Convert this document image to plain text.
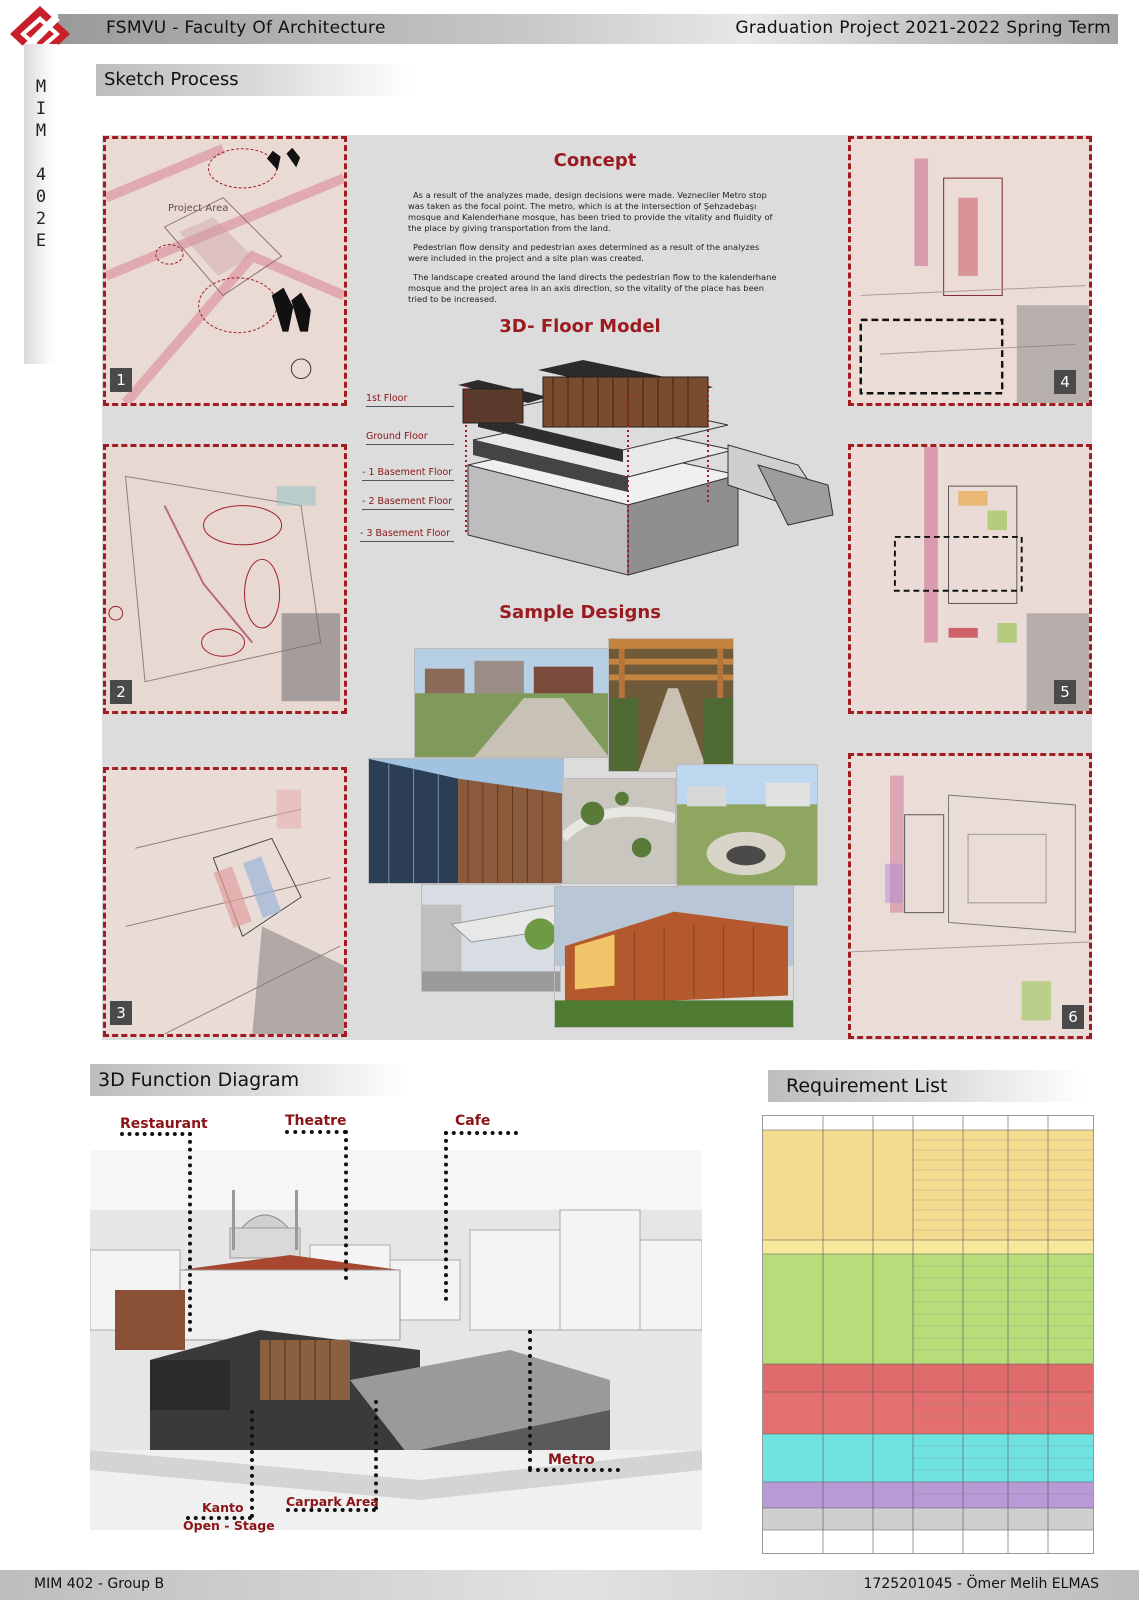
FSMVU - Faculty Of Architecture	Graduation Project 2021-2022 Spring Term
M
I
M

4
0
2
E
Sketch Process
Project Area
1
2
3
4
5
6
Concept

As a result of the analyzes made, design decisions were made. Vezneciler Metro stop was taken as the focal point. The metro, which is at the intersection of Şehzadebaşı mosque and Kalenderhane mosque, has been tried to provide the vitality and fluidity of the place by giving transportation from the land.

Pedestrian flow density and pedestrian axes determined as a result of the analyzes were included in the project and a site plan was created.

The landscape created around the land directs the pedestrian flow to the kalenderhane mosque and the project area in an axis direction, so the vitality of the place has been tried to be increased.

3D- Floor Model
1st Floor
Ground Floor
- 1 Basement Floor
- 2 Basement Floor
- 3 Basement Floor
Sample Designs
3D Function Diagram
Restaurant	Theatre	Cafe
Metro
Carpark Area
Kanto
Open - Stage
Requirement List
MIM 402 - Group B	1725201045 - Ömer Melih ELMAS
